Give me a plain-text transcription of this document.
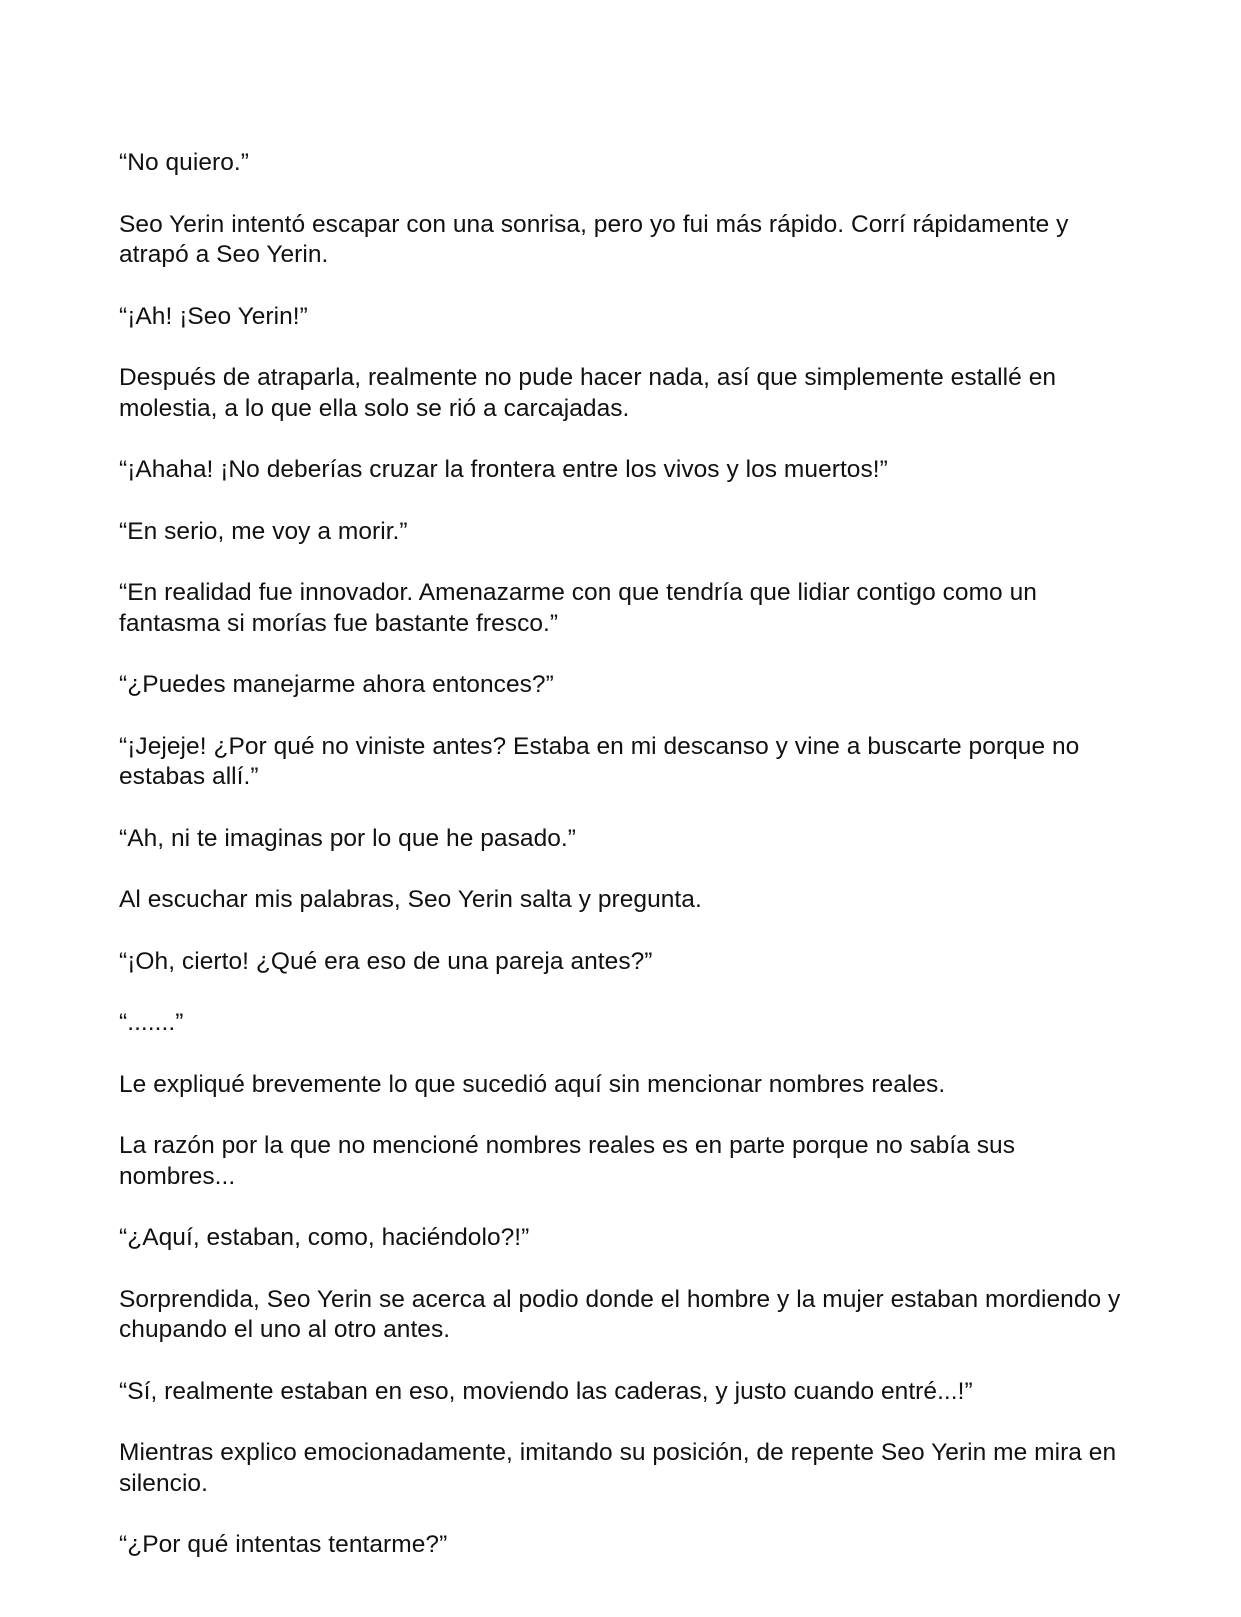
“No quiero.”

Seo Yerin intentó escapar con una sonrisa, pero yo fui más rápido. Corrí rápidamente y atrapó a Seo Yerin.

“¡Ah! ¡Seo Yerin!”

Después de atraparla, realmente no pude hacer nada, así que simplemente estallé en molestia, a lo que ella solo se rió a carcajadas.

“¡Ahaha! ¡No deberías cruzar la frontera entre los vivos y los muertos!”

“En serio, me voy a morir.”

“En realidad fue innovador. Amenazarme con que tendría que lidiar contigo como un fantasma si morías fue bastante fresco.”

“¿Puedes manejarme ahora entonces?”

“¡Jejeje! ¿Por qué no viniste antes? Estaba en mi descanso y vine a buscarte porque no estabas allí.”

“Ah, ni te imaginas por lo que he pasado.”

Al escuchar mis palabras, Seo Yerin salta y pregunta.

“¡Oh, cierto! ¿Qué era eso de una pareja antes?”

“.......”

Le expliqué brevemente lo que sucedió aquí sin mencionar nombres reales.

La razón por la que no mencioné nombres reales es en parte porque no sabía sus nombres...

“¿Aquí, estaban, como, haciéndolo?!”

Sorprendida, Seo Yerin se acerca al podio donde el hombre y la mujer estaban mordiendo y chupando el uno al otro antes.

“Sí, realmente estaban en eso, moviendo las caderas, y justo cuando entré...!”

Mientras explico emocionadamente, imitando su posición, de repente Seo Yerin me mira en silencio.

“¿Por qué intentas tentarme?”
